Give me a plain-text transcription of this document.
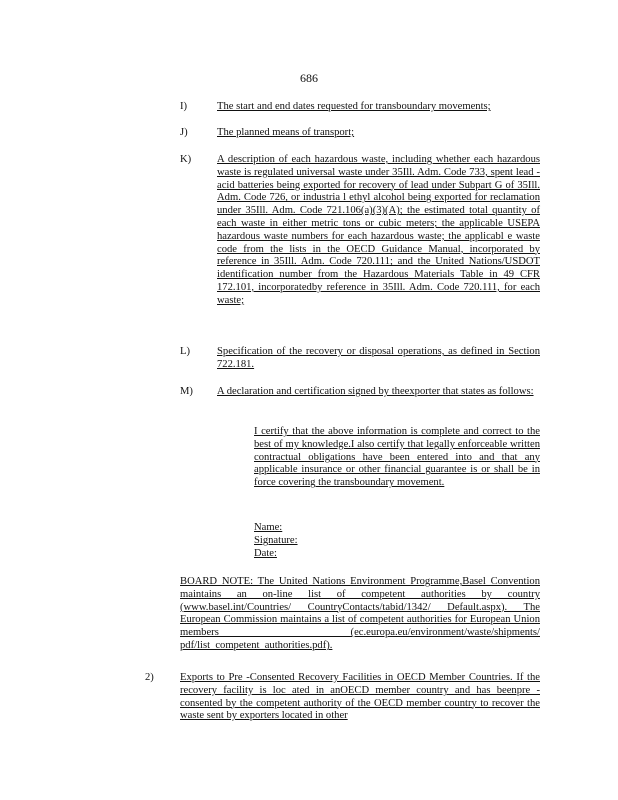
686
I)	The start and end dates requested for transboundary movements;
J)	The planned means of transport;
K) A description of each hazardous waste, including whether each hazardous waste is regulated universal waste under 35Ill. Adm. Code 733, spent lead -acid batteries being exported for recovery of lead under Subpart G of 35Ill. Adm. Code 726, or industria l ethyl alcohol being exported for reclamation under 35Ill. Adm. Code 721.106(a)(3)(A); the estimated total quantity of each waste in either metric tons or cubic meters; the applicable USEPA hazardous waste numbers for each hazardous waste; the applicabl e waste code from the lists in the OECD Guidance Manual, incorporated by reference in 35Ill. Adm. Code 720.111; and the United Nations/USDOT identification number from the Hazardous Materials Table in 49 CFR 172.101, incorporatedby reference in 35Ill. Adm. Code 720.111, for each waste;
L)	Specification of the recovery or disposal operations, as defined in Section 722.181.
M) A declaration and certification signed by theexporter that states as follows:
I certify that the above information is complete and correct to the best of my knowledge.I also certify that legally enforceable written contractual obligations have been entered into and that any applicable insurance or other financial guarantee is or shall be in force covering the transboundary movement.
Name:
Signature:
Date:
BOARD NOTE: The United Nations Environment Programme,Basel Convention maintains an on-line list of competent authorities by country (www.basel.int/Countries/ CountryContacts/tabid/1342/ Default.aspx). The European Commission maintains a list of competent authorities for European Union members (ec.europa.eu/environment/waste/shipments/ pdf/list_competent_authorities.pdf).
2) Exports to Pre -Consented Recovery Facilities in OECD Member Countries. If the recovery facility is loc ated in anOECD member country and has beenpre - consented by the competent authority of the OECD member country to recover the waste sent by exporters located in other
